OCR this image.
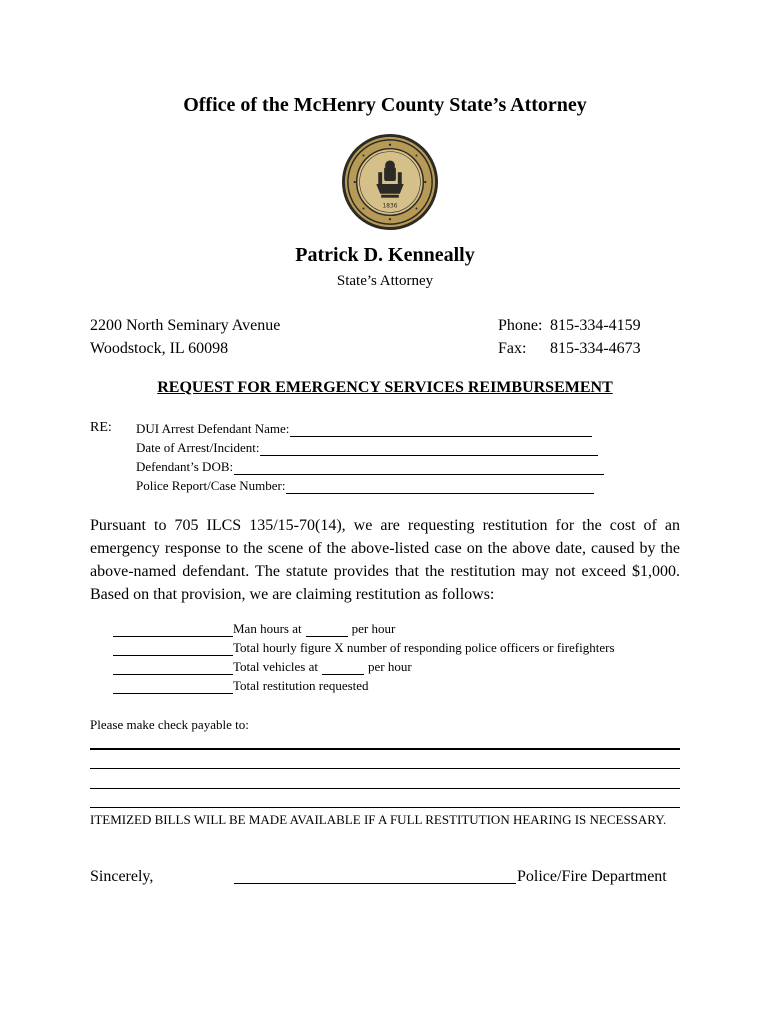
Office of the McHenry County State’s Attorney
1836
Patrick D. Kenneally
State’s Attorney
2200 North Seminary Avenue
Woodstock, IL 60098
Phone: 815-334-4159
Fax: 815-334-4673
REQUEST FOR EMERGENCY SERVICES REIMBURSEMENT
RE: DUI Arrest Defendant Name:
Date of Arrest/Incident:
Defendant’s DOB:
Police Report/Case Number:
Pursuant to 705 ILCS 135/15-70(14), we are requesting restitution for the cost of an emergency response to the scene of the above-listed case on the above date, caused by the above-named defendant. The statute provides that the restitution may not exceed $1,000. Based on that provision, we are claiming restitution as follows:
Man hours at	per hour
Total hourly figure X number of responding police officers or firefighters
Total vehicles at	per hour
Total restitution requested
Please make check payable to:
ITEMIZED BILLS WILL BE MADE AVAILABLE IF A FULL RESTITUTION HEARING IS NECESSARY.
Sincerely,	Police/Fire Department
